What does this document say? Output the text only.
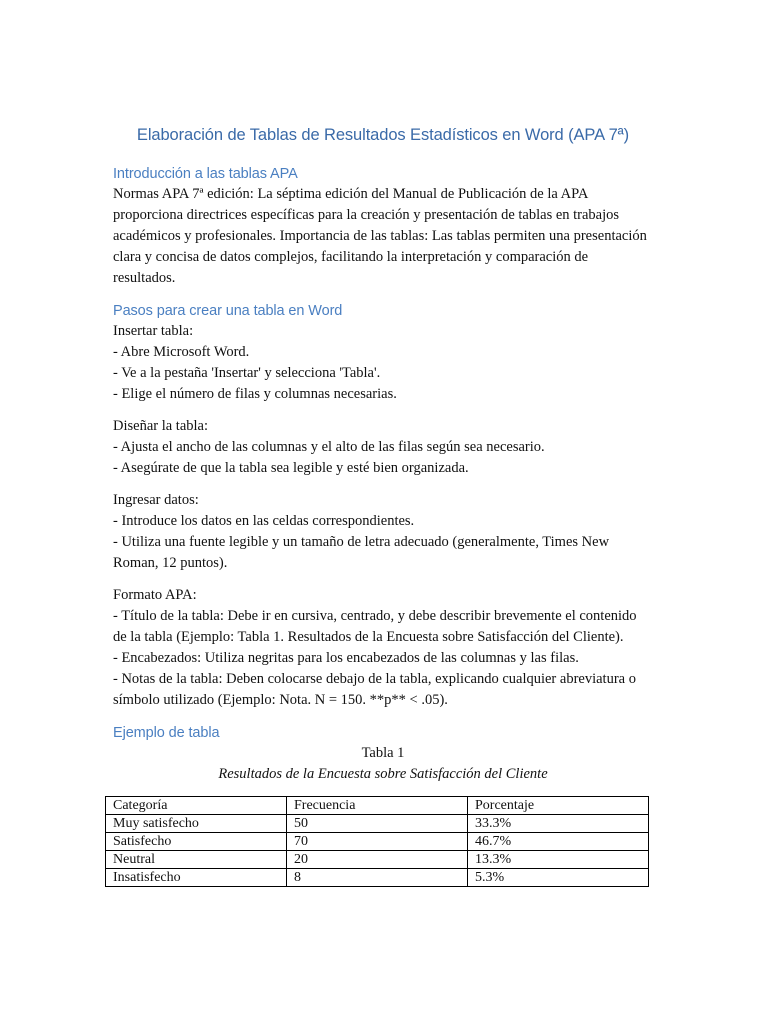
Elaboración de Tablas de Resultados Estadísticos en Word (APA 7ª)
Introducción a las tablas APA

Normas APA 7ª edición: La séptima edición del Manual de Publicación de la APA proporciona directrices específicas para la creación y presentación de tablas en trabajos académicos y profesionales. Importancia de las tablas: Las tablas permiten una presentación clara y concisa de datos complejos, facilitando la interpretación y comparación de resultados.

Pasos para crear una tabla en Word
Insertar tabla:
- Abre Microsoft Word.
- Ve a la pestaña 'Insertar' y selecciona 'Tabla'.
- Elige el número de filas y columnas necesarias.
Diseñar la tabla:
- Ajusta el ancho de las columnas y el alto de las filas según sea necesario.
- Asegúrate de que la tabla sea legible y esté bien organizada.
Ingresar datos:
- Introduce los datos en las celdas correspondientes.
- Utiliza una fuente legible y un tamaño de letra adecuado (generalmente, Times New Roman, 12 puntos).
Formato APA:
- Título de la tabla: Debe ir en cursiva, centrado, y debe describir brevemente el contenido de la tabla (Ejemplo: Tabla 1. Resultados de la Encuesta sobre Satisfacción del Cliente).
- Encabezados: Utiliza negritas para los encabezados de las columnas y las filas.
- Notas de la tabla: Deben colocarse debajo de la tabla, explicando cualquier abreviatura o símbolo utilizado (Ejemplo: Nota. N = 150. **p** < .05).
Ejemplo de tabla
Tabla 1
Resultados de la Encuesta sobre Satisfacción del Cliente
Categoría	Frecuencia	Porcentaje
Muy satisfecho	50	33.3%
Satisfecho	70	46.7%
Neutral	20	13.3%
Insatisfecho	8	5.3%
